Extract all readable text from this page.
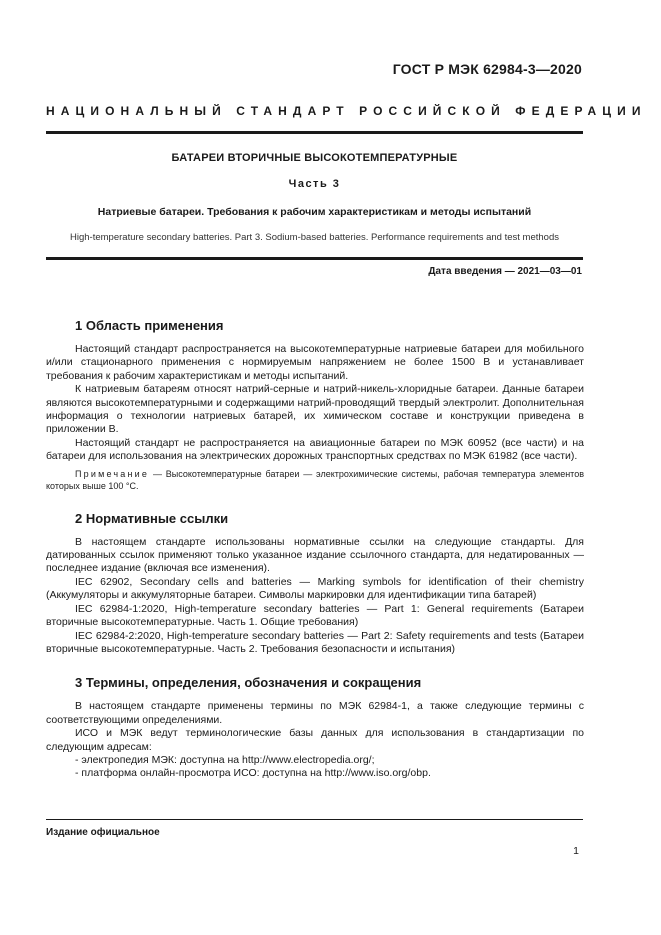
ГОСТ Р МЭК 62984-3—2020
НАЦИОНАЛЬНЫЙ СТАНДАРТ РОССИЙСКОЙ ФЕДЕРАЦИИ
БАТАРЕИ ВТОРИЧНЫЕ ВЫСОКОТЕМПЕРАТУРНЫЕ
Часть 3
Натриевые батареи. Требования к рабочим характеристикам и методы испытаний
High-temperature secondary batteries. Part 3. Sodium-based batteries. Performance requirements and test methods
Дата введения — 2021—03—01
1 Область применения

Настоящий стандарт распространяется на высокотемпературные натриевые батареи для мобильного и/или стационарного применения с нормируемым напряжением не более 1500 В и устанавливает требования к рабочим характеристикам и методы испытаний.

К натриевым батареям относят натрий-серные и натрий-никель-хлоридные батареи. Данные батареи являются высокотемпературными и содержащими натрий-проводящий твердый электролит. Дополнительная информация о технологии натриевых батарей, их химическом составе и конструкции приведена в приложении В.

Настоящий стандарт не распространяется на авиационные батареи по МЭК 60952 (все части) и на батареи для использования на электрических дорожных транспортных средствах по МЭК 61982 (все части).

Примечание — Высокотемпературные батареи — электрохимические системы, рабочая температура элементов которых выше 100 °С.

2 Нормативные ссылки

В настоящем стандарте использованы нормативные ссылки на следующие стандарты. Для датированных ссылок применяют только указанное издание ссылочного стандарта, для недатированных — последнее издание (включая все изменения).

IEC 62902, Secondary cells and batteries — Marking symbols for identification of their chemistry (Аккумуляторы и аккумуляторные батареи. Символы маркировки для идентификации типа батарей)

IEC 62984-1:2020, High-temperature secondary batteries — Part 1: General requirements (Батареи вторичные высокотемпературные. Часть 1. Общие требования)

IEC 62984-2:2020, High-temperature secondary batteries — Part 2: Safety requirements and tests (Батареи вторичные высокотемпературные. Часть 2. Требования безопасности и испытания)

3 Термины, определения, обозначения и сокращения

В настоящем стандарте применены термины по МЭК 62984-1, а также следующие термины с соответствующими определениями.

ИСО и МЭК ведут терминологические базы данных для использования в стандартизации по следующим адресам:

- электропедия МЭК: доступна на http://www.electropedia.org/;

- платформа онлайн-просмотра ИСО: доступна на http://www.iso.org/obp.

Издание официальное
1
